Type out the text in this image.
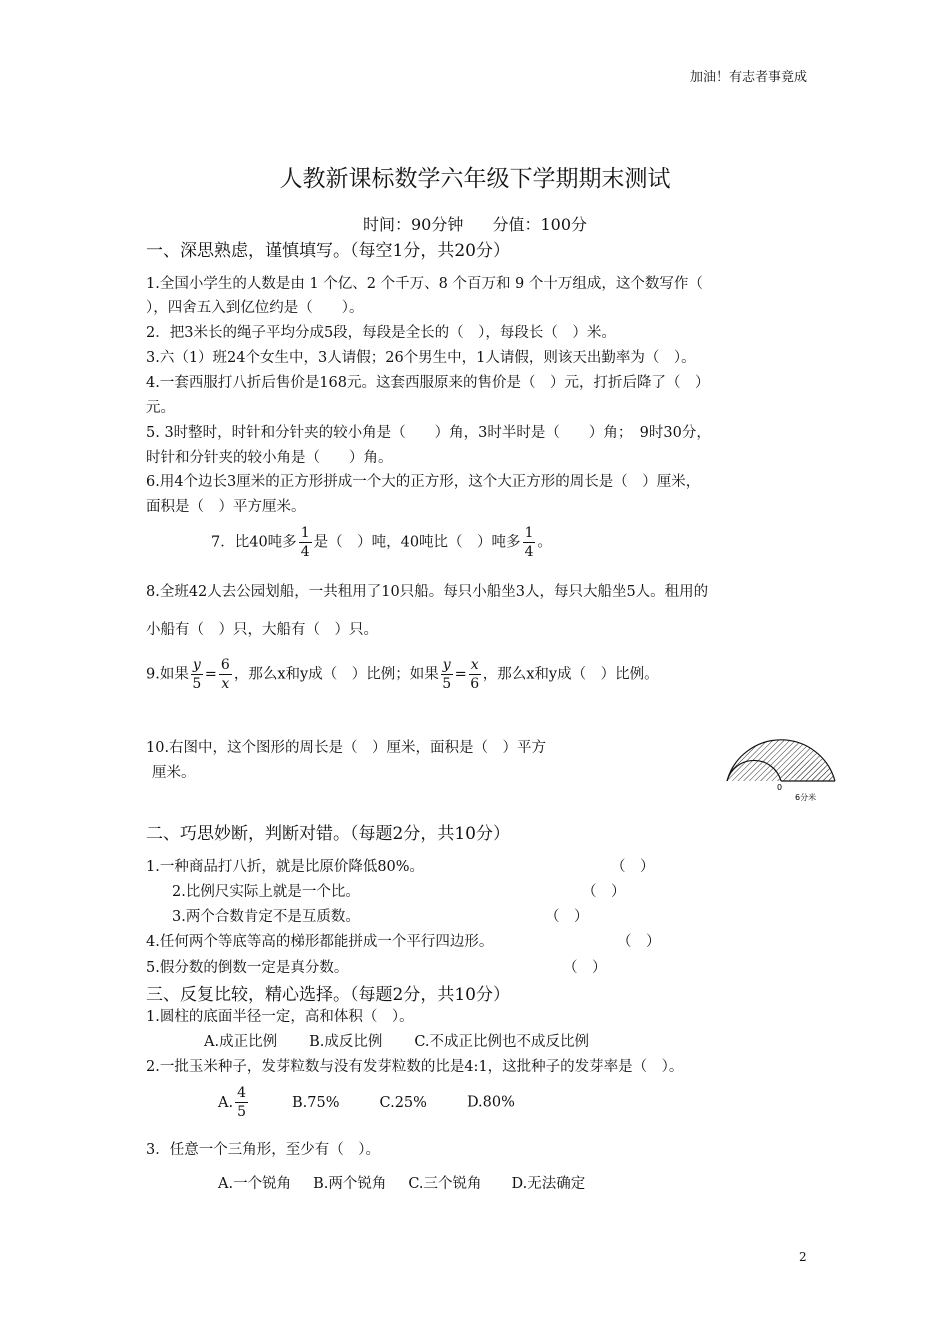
加油！有志者事竟成
人教新课标数学六年级下学期期末测试
时间：90分钟 分值：100分
一、深思熟虑，谨慎填写。（每空1分，共20分）
1.全国小学生的人数是由 1 个亿、2 个千万、8 个百万和 9 个十万组成，这个数写作（
），四舍五入到亿位约是（　　）。
2．把3米长的绳子平均分成5段，每段是全长的（　），每段长（　）米。
3.六（1）班24个女生中，3人请假；26个男生中，1人请假，则该天出勤率为（　）。
4.一套西服打八折后售价是168元。这套西服原来的售价是（　）元，打折后降了（　）
元。
5. 3时整时，时针和分针夹的较小角是（　　）角，3时半时是（　　）角；　9时30分，
时针和分针夹的较小角是（　　）角。
6.用4个边长3厘米的正方形拼成一个大的正方形，这个大正方形的周长是（　）厘米，
面积是（　）平方厘米。
7．比40吨多 $\frac{1}{4}$ 是（　）吨，40吨比（　）吨多 $\frac{1}{4}$ 。
8.全班42人去公园划船，一共租用了10只船。每只小船坐3人，每只大船坐5人。租用的
小船有（　）只，大船有（　）只。
9.如果 $\frac{y}{5} = \frac{6}{x}$ ，那么x和y成（　）比例；如果 $\frac{y}{5} = \frac{x}{6}$ ，那么x和y成（　）比例。
10.右图中，这个图形的周长是（　）厘米，面积是（　）平方
厘米。
0
6分米
二、巧思妙断，判断对错。（每题2分，共10分）
1.一种商品打八折，就是比原价降低80%。	（　）
2.比例尺实际上就是一个比。	（　）
3.两个合数肯定不是互质数。	（　）
4.任何两个等底等高的梯形都能拼成一个平行四边形。	（　）
5.假分数的倒数一定是真分数。	（　）
三、反复比较，精心选择。（每题2分，共10分）
1.圆柱的底面半径一定，高和体积（　）。
A.成正比例 B.成反比例 C.不成正比例也不成反比例
2.一批玉米种子，发芽粒数与没有发芽粒数的比是4:1，这批种子的发芽率是（　）。
A. $\frac{4}{5}$	B.75%	C.25%	D.80%
3．任意一个三角形，至少有（　）。
A.一个锐角 B.两个锐角 C.三个锐角 D.无法确定
2
